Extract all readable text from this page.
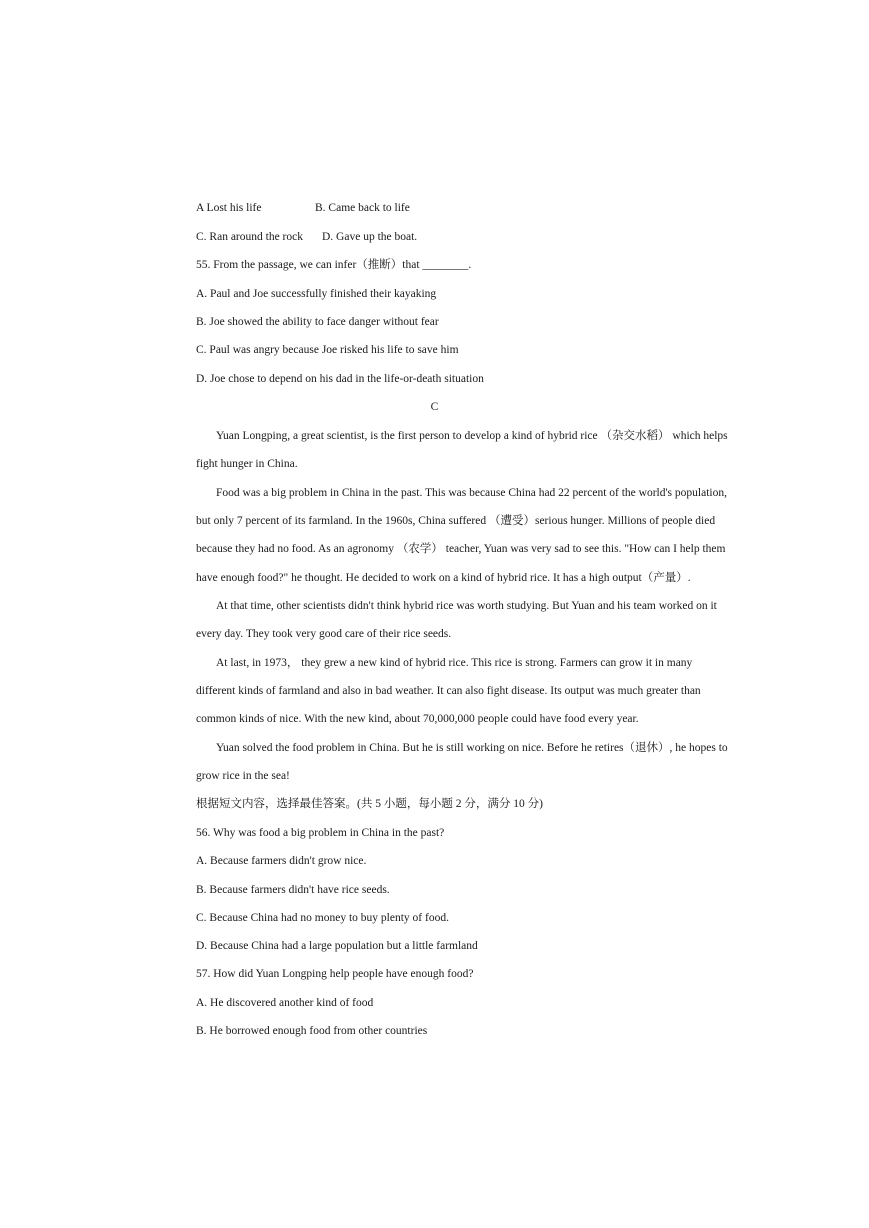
A Lost his life	B. Came back to life
C. Ran around the rock D. Gave up the boat.
55. From the passage, we can infer（推断）that ________.
A. Paul and Joe successfully finished their kayaking
B. Joe showed the ability to face danger without fear
C. Paul was angry because Joe risked his life to save him
D. Joe chose to depend on his dad in the life-or-death situation
C
Yuan Longping, a great scientist, is the first person to develop a kind of hybrid rice （杂交水稻） which helps
fight hunger in China.
Food was a big problem in China in the past. This was because China had 22 percent of the world's population,
but only 7 percent of its farmland. In the 1960s, China suffered （遭受）serious hunger. Millions of people died
because they had no food. As an agronomy （农学） teacher, Yuan was very sad to see this. "How can I help them
have enough food?" he thought. He decided to work on a kind of hybrid rice. It has a high output（产量）.
At that time, other scientists didn't think hybrid rice was worth studying. But Yuan and his team worked on it
every day. They took very good care of their rice seeds.
At last, in 1973， they grew a new kind of hybrid rice. This rice is strong. Farmers can grow it in many
different kinds of farmland and also in bad weather. It can also fight disease. Its output was much greater than
common kinds of nice. With the new kind, about 70,000,000 people could have food every year.
Yuan solved the food problem in China. But he is still working on nice. Before he retires（退休）, he hopes to
grow rice in the sea!
根据短文内容，选择最佳答案。(共 5 小题，每小题 2 分，满分 10 分)
56. Why was food a big problem in China in the past?
A. Because farmers didn't grow nice.
B. Because farmers didn't have rice seeds.
C. Because China had no money to buy plenty of food.
D. Because China had a large population but a little farmland
57. How did Yuan Longping help people have enough food?
A. He discovered another kind of food
B. He borrowed enough food from other countries
